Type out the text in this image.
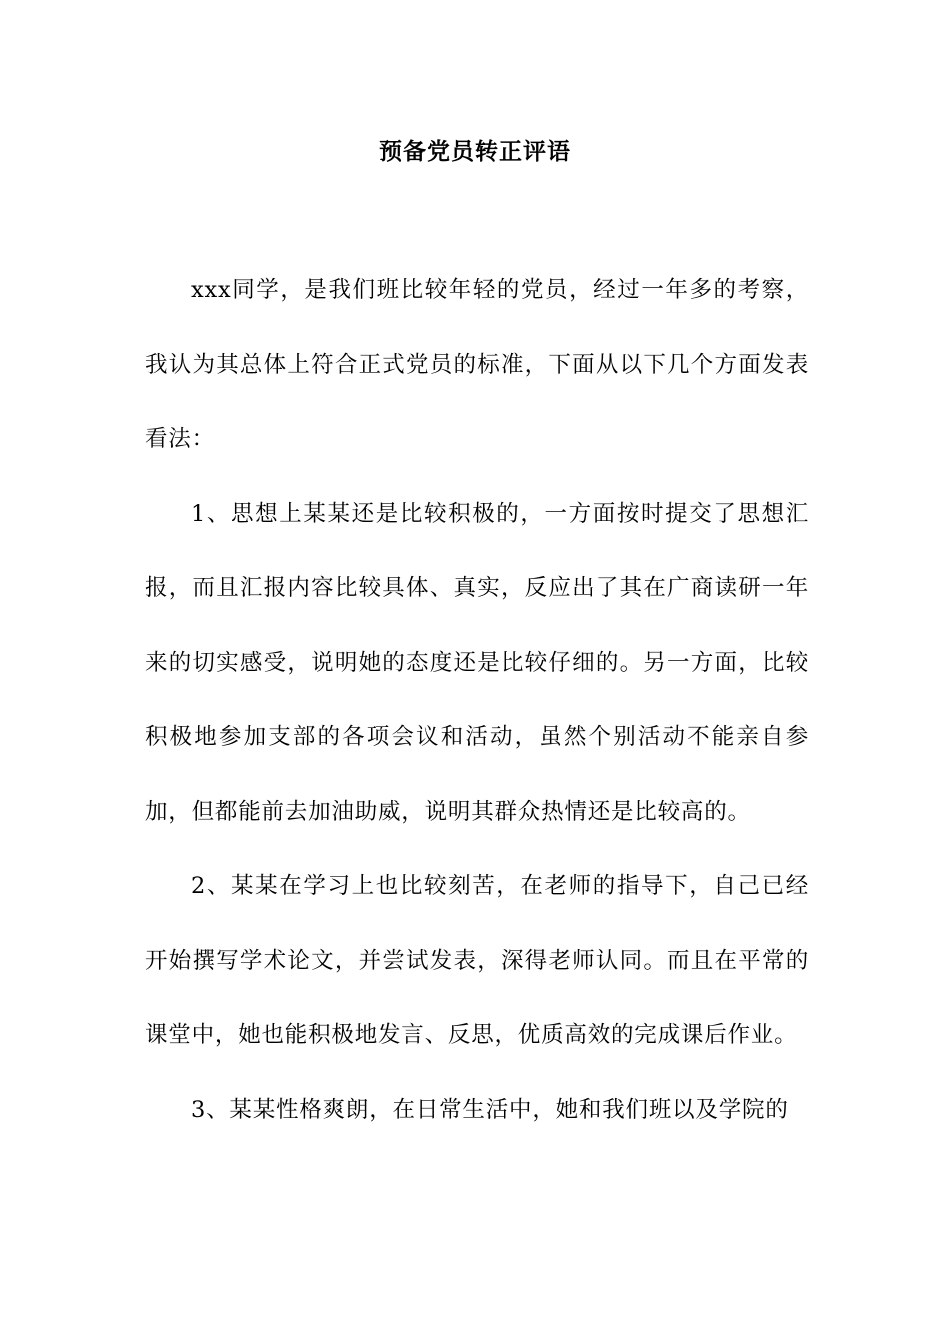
预备党员转正评语

xxx同学，是我们班比较年轻的党员，经过一年多的考察，我认为其总体上符合正式党员的标准，下面从以下几个方面发表看法：

1、思想上某某还是比较积极的，一方面按时提交了思想汇报，而且汇报内容比较具体、真实，反应出了其在广商读研一年来的切实感受，说明她的态度还是比较仔细的。另一方面，比较积极地参加支部的各项会议和活动，虽然个别活动不能亲自参加，但都能前去加油助威，说明其群众热情还是比较高的。

2、某某在学习上也比较刻苦，在老师的指导下，自己已经开始撰写学术论文，并尝试发表，深得老师认同。而且在平常的课堂中，她也能积极地发言、反思，优质高效的完成课后作业。

3、某某性格爽朗，在日常生活中，她和我们班以及学院的
